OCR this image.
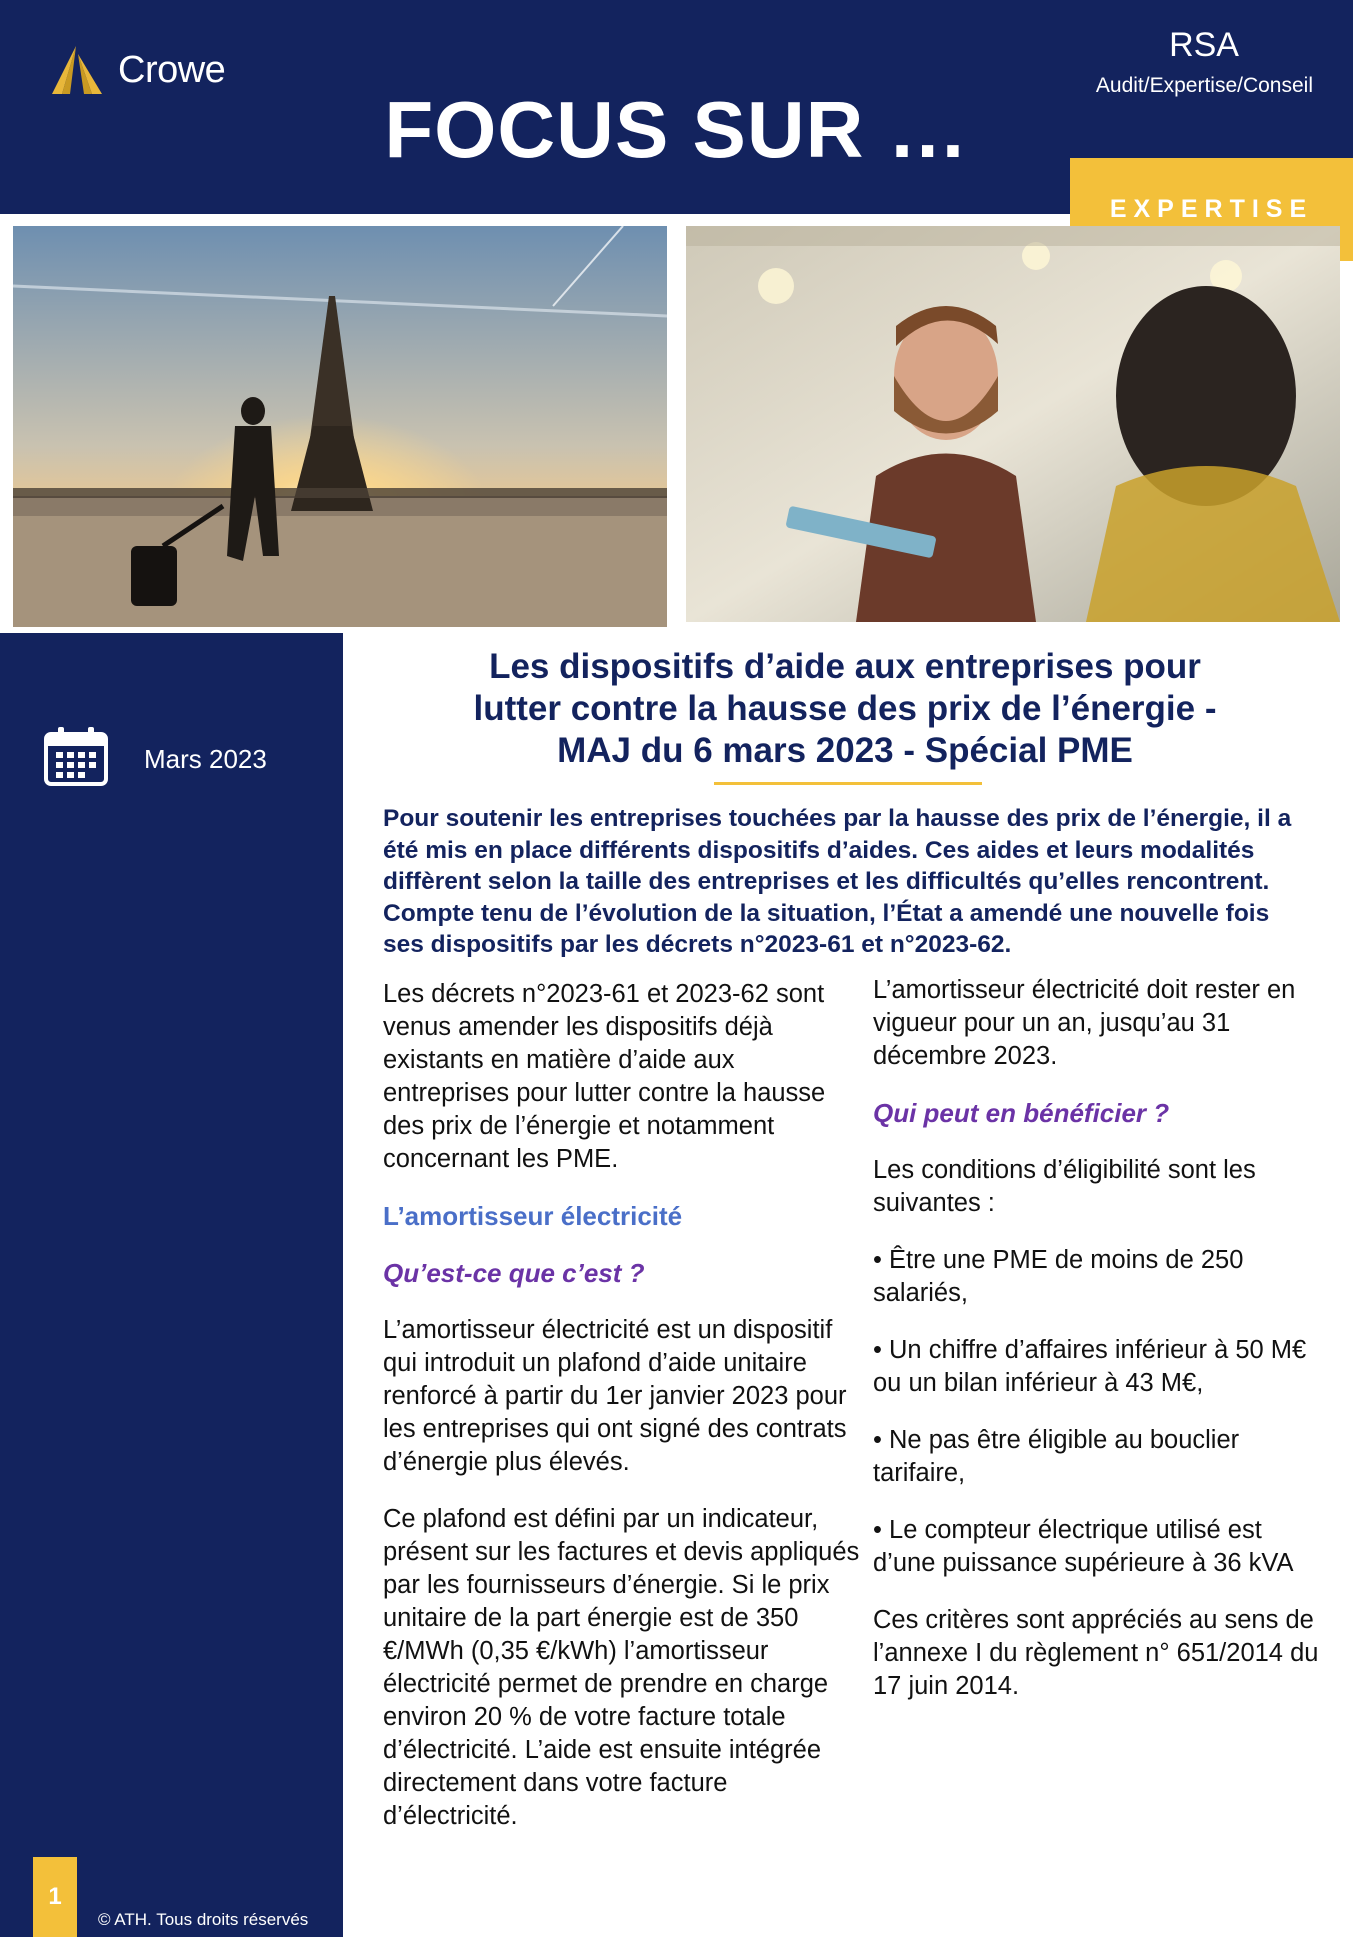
Crowe
FOCUS SUR …
RSA
Audit/Expertise/Conseil
EXPERTISE
Mars 2023
1
© ATH. Tous droits réservés
Les dispositifs d’aide aux entreprises pour
lutter contre la hausse des prix de l’énergie -
MAJ du 6 mars 2023 - Spécial PME
Pour soutenir les entreprises touchées par la hausse des prix de l’énergie, il a été mis en place différents dispositifs d’aides. Ces aides et leurs modalités diffèrent selon la taille des entreprises et les difficultés qu’elles rencontrent. Compte tenu de l’évolution de la situation, l’État a amendé une nouvelle fois ses dispositifs par les décrets n°2023-61 et n°2023-62.

Les décrets n°2023-61 et 2023-62 sont venus amender les dispositifs déjà existants en matière d’aide aux entreprises pour lutter contre la hausse des prix de l’énergie et notamment concernant les PME.

L’amortisseur électricité

Qu’est-ce que c’est ?

L’amortisseur électricité est un dispositif qui introduit un plafond d’aide unitaire renforcé à partir du 1er janvier 2023 pour les entreprises qui ont signé des contrats d’énergie plus élevés.

Ce plafond est défini par un indicateur, présent sur les factures et devis appliqués par les fournisseurs d’énergie. Si le prix unitaire de la part énergie est de 350 €/MWh (0,35 €/kWh) l’amortisseur électricité permet de prendre en charge environ 20 % de votre facture totale d’électricité. L’aide est ensuite intégrée directement dans votre facture d’électricité.

L’amortisseur électricité doit rester en vigueur pour un an, jusqu’au 31 décembre 2023.

Qui peut en bénéficier ?

Les conditions d’éligibilité sont les suivantes :

• Être une PME de moins de 250 salariés,

• Un chiffre d’affaires inférieur à 50 M€ ou un bilan inférieur à 43 M€,

• Ne pas être éligible au bouclier tarifaire,

• Le compteur électrique utilisé est d’une puissance supérieure à 36 kVA

Ces critères sont appréciés au sens de l’annexe I du règlement n° 651/2014 du 17 juin 2014.
